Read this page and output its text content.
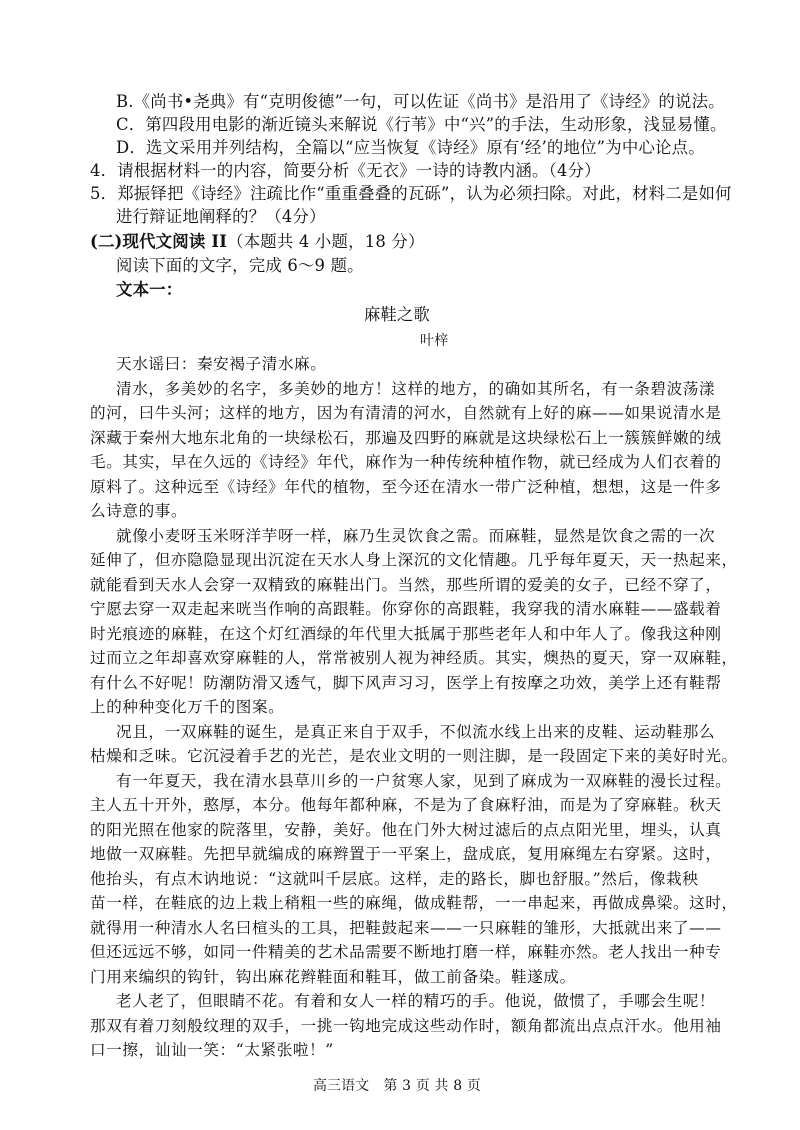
B.《尚书•尧典》有“克明俊德”一句，可以佐证《尚书》是沿用了《诗经》的说法。
C．第四段用电影的渐近镜头来解说《行苇》中“兴”的手法，生动形象，浅显易懂。
D．选文采用并列结构，全篇以“应当恢复《诗经》原有‘经’的地位”为中心论点。
4．请根据材料一的内容，简要分析《无衣》一诗的诗教内涵。（4分）
5．郑振铎把《诗经》注疏比作“重重叠叠的瓦砾”，认为必须扫除。对此，材料二是如何
进行辩证地阐释的？（4分）
(二)现代文阅读 II（本题共 4 小题，18 分）
阅读下面的文字，完成 6～9 题。
文本一：
麻鞋之歌
叶梓
天水谣曰：秦安褐子清水麻。
清水，多美妙的名字，多美妙的地方！这样的地方，的确如其所名，有一条碧波荡漾
的河，曰牛头河；这样的地方，因为有清清的河水，自然就有上好的麻——如果说清水是
深藏于秦州大地东北角的一块绿松石，那遍及四野的麻就是这块绿松石上一簇簇鲜嫩的绒
毛。其实，早在久远的《诗经》年代，麻作为一种传统种植作物，就已经成为人们衣着的
原料了。这种远至《诗经》年代的植物，至今还在清水一带广泛种植，想想，这是一件多
么诗意的事。
就像小麦呀玉米呀洋芋呀一样，麻乃生灵饮食之需。而麻鞋，显然是饮食之需的一次
延伸了，但亦隐隐显现出沉淀在天水人身上深沉的文化情趣。几乎每年夏天，天一热起来，
就能看到天水人会穿一双精致的麻鞋出门。当然，那些所谓的爱美的女子，已经不穿了，
宁愿去穿一双走起来咣当作响的高跟鞋。你穿你的高跟鞋，我穿我的清水麻鞋——盛载着
时光痕迹的麻鞋，在这个灯红酒绿的年代里大抵属于那些老年人和中年人了。像我这种刚
过而立之年却喜欢穿麻鞋的人，常常被别人视为神经质。其实，燠热的夏天，穿一双麻鞋，
有什么不好呢！防潮防滑又透气，脚下风声习习，医学上有按摩之功效，美学上还有鞋帮
上的种种变化万千的图案。
况且，一双麻鞋的诞生，是真正来自于双手，不似流水线上出来的皮鞋、运动鞋那么
枯燥和乏味。它沉浸着手艺的光芒，是农业文明的一则注脚，是一段固定下来的美好时光。
有一年夏天，我在清水县草川乡的一户贫寒人家，见到了麻成为一双麻鞋的漫长过程。
主人五十开外，憨厚，本分。他每年都种麻，不是为了食麻籽油，而是为了穿麻鞋。秋天
的阳光照在他家的院落里，安静，美好。他在门外大树过滤后的点点阳光里，埋头，认真
地做一双麻鞋。先把早就编成的麻辫置于一平案上，盘成底，复用麻绳左右穿紧。这时，
他抬头，有点木讷地说：“这就叫千层底。这样，走的路长，脚也舒服。”然后，像栽秧
苗一样，在鞋底的边上栽上稍粗一些的麻绳，做成鞋帮，一一串起来，再做成鼻梁。这时，
就得用一种清水人名曰楦头的工具，把鞋鼓起来——一只麻鞋的雏形，大抵就出来了——
但还远远不够，如同一件精美的艺术品需要不断地打磨一样，麻鞋亦然。老人找出一种专
门用来编织的钩针，钩出麻花辫鞋面和鞋耳，做工前备染。鞋遂成。
老人老了，但眼睛不花。有着和女人一样的精巧的手。他说，做惯了，手哪会生呢！
那双有着刀刻般纹理的双手，一挑一钩地完成这些动作时，额角都流出点点汗水。他用袖
口一擦，讪讪一笑：“太紧张啦！”
高三语文　第 3 页 共 8 页
